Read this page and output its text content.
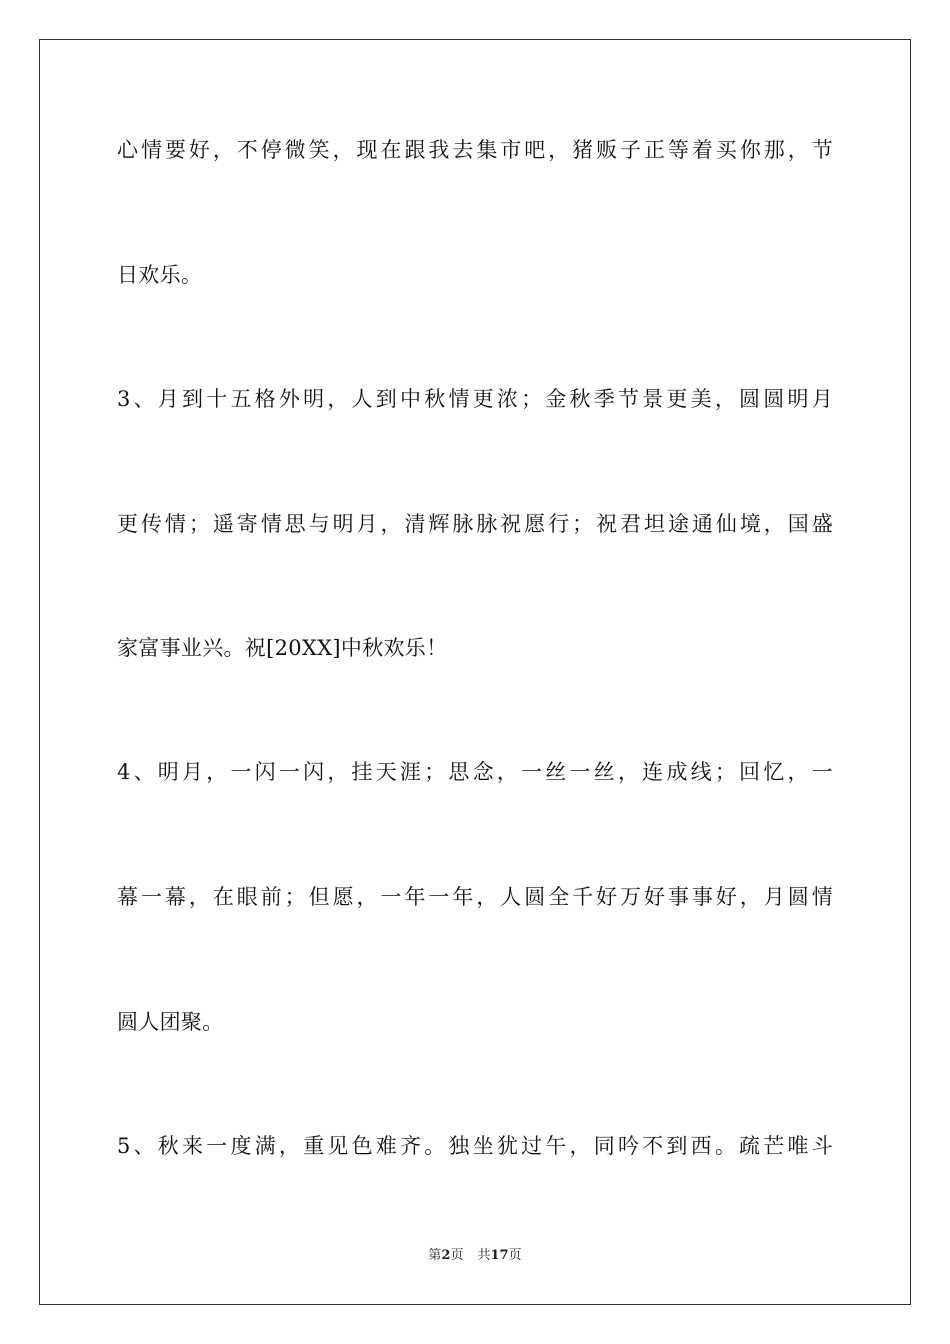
心情要好，不停微笑，现在跟我去集市吧，猪贩子正等着买你那，节
日欢乐。
3、月到十五格外明，人到中秋情更浓；金秋季节景更美，圆圆明月
更传情；遥寄情思与明月，清辉脉脉祝愿行；祝君坦途通仙境，国盛
家富事业兴。祝[20XX]中秋欢乐！
4、明月，一闪一闪，挂天涯；思念，一丝一丝，连成线；回忆，一
幕一幕，在眼前；但愿，一年一年，人圆全千好万好事事好，月圆情
圆人团聚。
5、秋来一度满，重见色难齐。独坐犹过午，同吟不到西。疏芒唯斗
第2页 共17页
